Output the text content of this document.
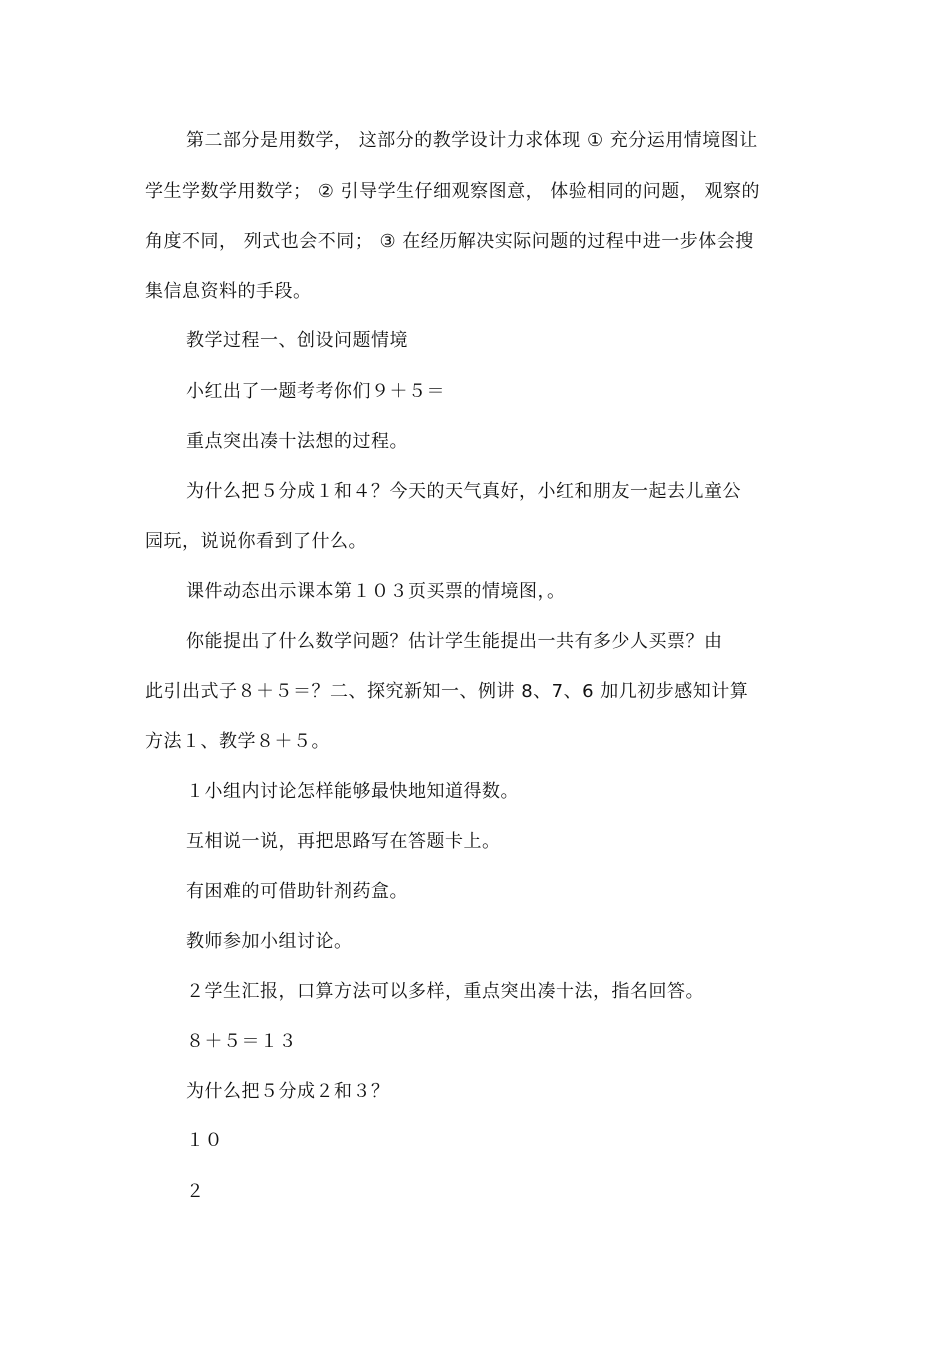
第二部分是用数学， 这部分的教学设计力求体现 ① 充分运用情境图让
学生学数学用数学； ② 引导学生仔细观察图意， 体验相同的问题， 观察的
角度不同， 列式也会不同； ③ 在经历解决实际问题的过程中进一步体会搜
集信息资料的手段。
教学过程一、创设问题情境
小红出了一题考考你们９＋５＝
重点突出凑十法想的过程。
为什么把５分成１和４？今天的天气真好，小红和朋友一起去儿童公
园玩，说说你看到了什么。
课件动态出示课本第１０３页买票的情境图，。
你能提出了什么数学问题？估计学生能提出一共有多少人买票？由
此引出式子８＋５＝？二、探究新知一、例讲 8、7、6 加几初步感知计算
方法１、教学８＋５。
１小组内讨论怎样能够最快地知道得数。
互相说一说，再把思路写在答题卡上。
有困难的可借助针剂药盒。
教师参加小组讨论。
２学生汇报，口算方法可以多样，重点突出凑十法，指名回答。
８＋５＝１３
为什么把５分成２和３？
１０
２
